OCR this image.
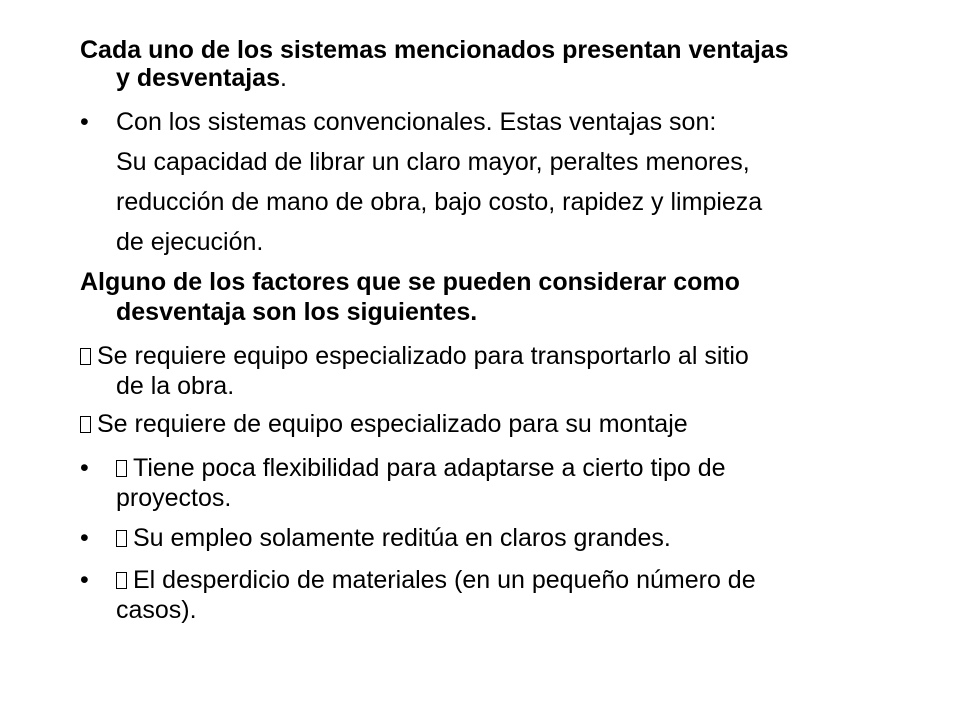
Cada uno de los sistemas mencionados presentan ventajas
y desventajas.
• Con los sistemas convencionales. Estas ventajas son:
Su capacidad de librar un claro mayor, peraltes menores,
reducción de mano de obra, bajo costo, rapidez y limpieza
de ejecución.
Alguno de los factores que se pueden considerar como
desventaja son los siguientes.
Se requiere equipo especializado para transportarlo al sitio
de la obra.
Se requiere de equipo especializado para su montaje
•	Tiene poca flexibilidad para adaptarse a cierto tipo de
proyectos.
•	Su empleo solamente reditúa en claros grandes.
•	El desperdicio de materiales (en un pequeño número de
casos).
